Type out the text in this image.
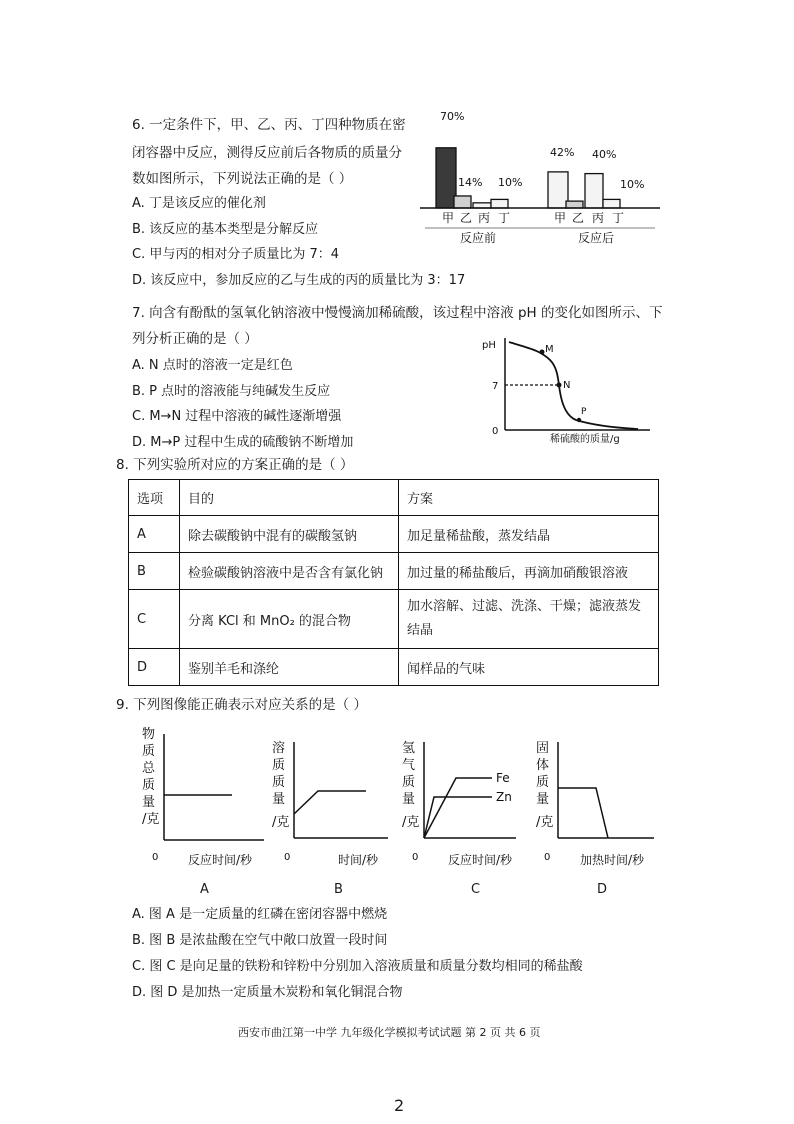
6. 一定条件下，甲、乙、丙、丁四种物质在密
闭容器中反应，测得反应前后各物质的质量分
数如图所示，下列说法正确的是（ ）
A. 丁是该反应的催化剂
B. 该反应的基本类型是分解反应
C. 甲与丙的相对分子质量比为 7：4
D. 该反应中，参加反应的乙与生成的丙的质量比为 3：17
70%
14% 10%
42% 40%
10%
甲 乙 丙 丁	甲 乙 丙 丁
反应前	反应后
7. 向含有酚酞的氢氧化钠溶液中慢慢滴加稀硫酸，该过程中溶液 pH 的变化如图所示、下
列分析正确的是（ ）
A. N 点时的溶液一定是红色
B. P 点时的溶液能与纯碱发生反应
C. M→N 过程中溶液的碱性逐渐增强
D. M→P 过程中生成的硫酸钠不断增加
pH
7
0
M
N
P
稀硫酸的质量/g
8. 下列实验所对应的方案正确的是（ ）
选项	目的	方案
A	除去碳酸钠中混有的碳酸氢钠	加足量稀盐酸，蒸发结晶
B	检验碳酸钠溶液中是否含有氯化钠	加过量的稀盐酸后，再滴加硝酸银溶液
C	分离 KCl 和 MnO₂ 的混合物	加水溶解、过滤、洗涤、干燥；滤液蒸发
结晶

D	鉴别羊毛和涤纶	闻样品的气味
9. 下列图像能正确表示对应关系的是（ ）
物
质
总
质
量
/克
0 反应时间/秒
A
溶
质
质
量
/克
0	时间/秒
B
氢
气
质
量
/克
Fe
Zn
0 反应时间/秒
C
固
体
质
量
/克
0 加热时间/秒
D
A. 图 A 是一定质量的红磷在密闭容器中燃烧
B. 图 B 是浓盐酸在空气中敞口放置一段时间
C. 图 C 是向足量的铁粉和锌粉中分别加入溶液质量和质量分数均相同的稀盐酸
D. 图 D 是加热一定质量木炭粉和氧化铜混合物
西安市曲江第一中学 九年级化学模拟考试试题 第 2 页 共 6 页
2
